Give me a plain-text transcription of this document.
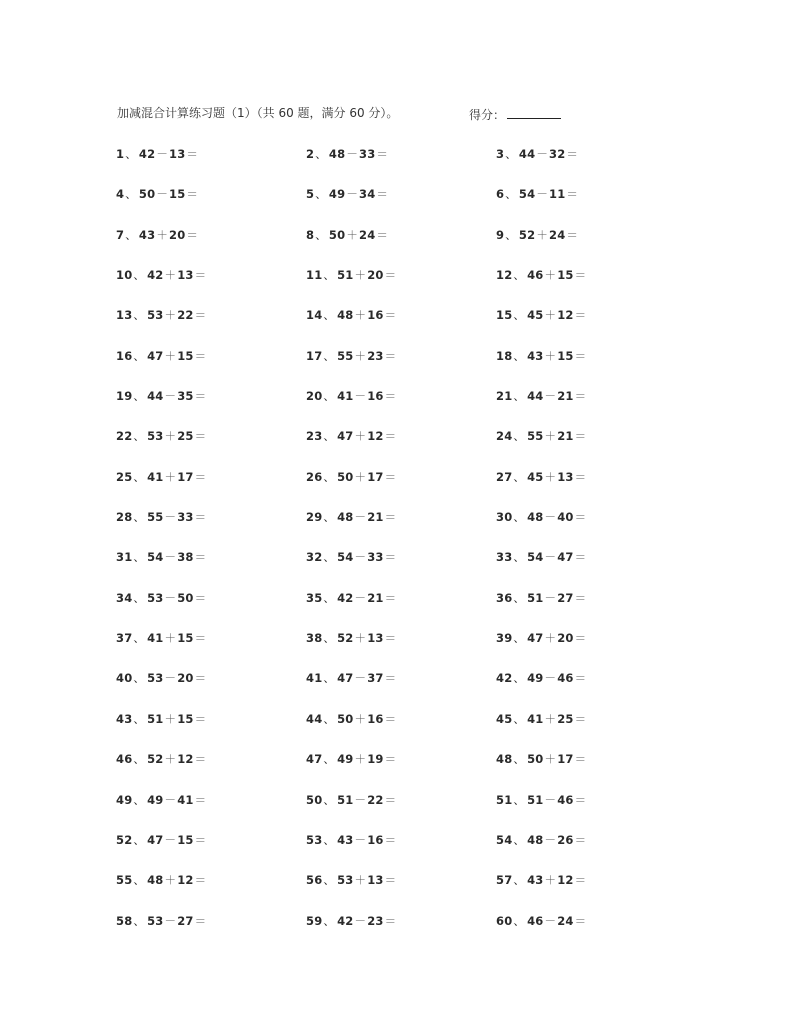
加减混合计算练习题（1）（共 60 题，满分 60 分）。	得分：
1、 42－13＝	2、 48－33＝	3、 44－32＝
4、 50－15＝	5、 49－34＝	6、 54－11＝
7、 43＋20＝	8、 50＋24＝	9、 52＋24＝
10、 42＋13＝	11、 51＋20＝	12、 46＋15＝
13、 53＋22＝	14、 48＋16＝	15、 45＋12＝
16、 47＋15＝	17、 55＋23＝	18、 43＋15＝
19、 44－35＝	20、 41－16＝	21、 44－21＝
22、 53＋25＝	23、 47＋12＝	24、 55＋21＝
25、 41＋17＝	26、 50＋17＝	27、 45＋13＝
28、 55－33＝	29、 48－21＝	30、 48－40＝
31、 54－38＝	32、 54－33＝	33、 54－47＝
34、 53－50＝	35、 42－21＝	36、 51－27＝
37、 41＋15＝	38、 52＋13＝	39、 47＋20＝
40、 53－20＝	41、 47－37＝	42、 49－46＝
43、 51＋15＝	44、 50＋16＝	45、 41＋25＝
46、 52＋12＝	47、 49＋19＝	48、 50＋17＝
49、 49－41＝	50、 51－22＝	51、 51－46＝
52、 47－15＝	53、 43－16＝	54、 48－26＝
55、 48＋12＝	56、 53＋13＝	57、 43＋12＝
58、 53－27＝	59、 42－23＝	60、 46－24＝
